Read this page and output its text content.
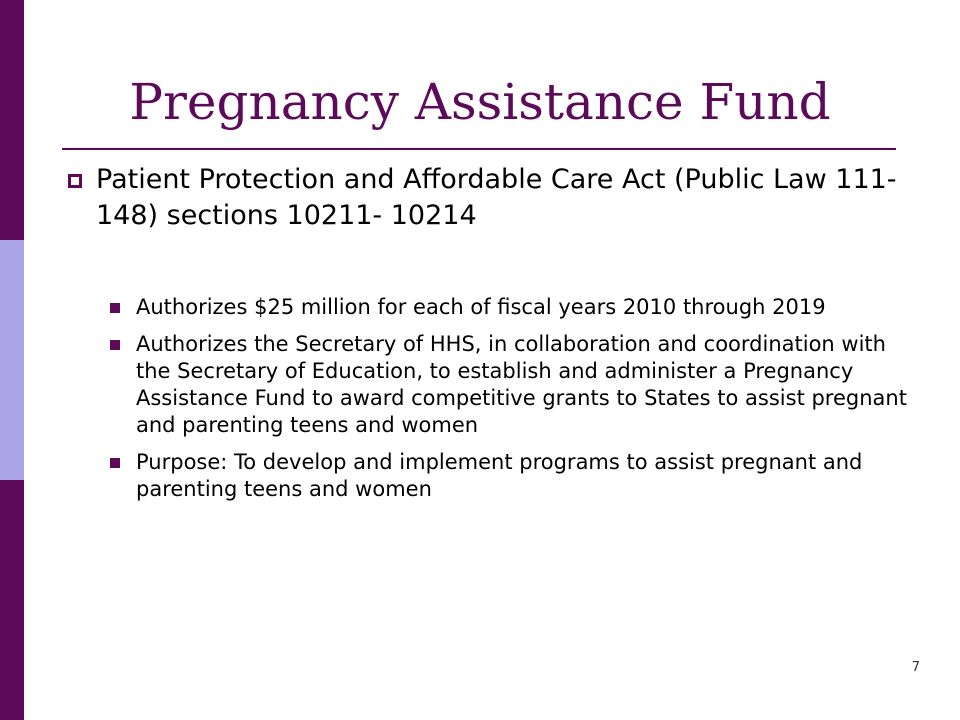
Pregnancy Assistance Fund
Patient Protection and Affordable Care Act (Public Law 111-148) sections 10211- 10214
Authorizes $25 million for each of fiscal years 2010 through 2019
Authorizes the Secretary of HHS, in collaboration and coordination with the Secretary of Education, to establish and administer a Pregnancy Assistance Fund to award competitive grants to States to assist pregnant and parenting teens and women
Purpose: To develop and implement programs to assist pregnant and parenting teens and women
7
